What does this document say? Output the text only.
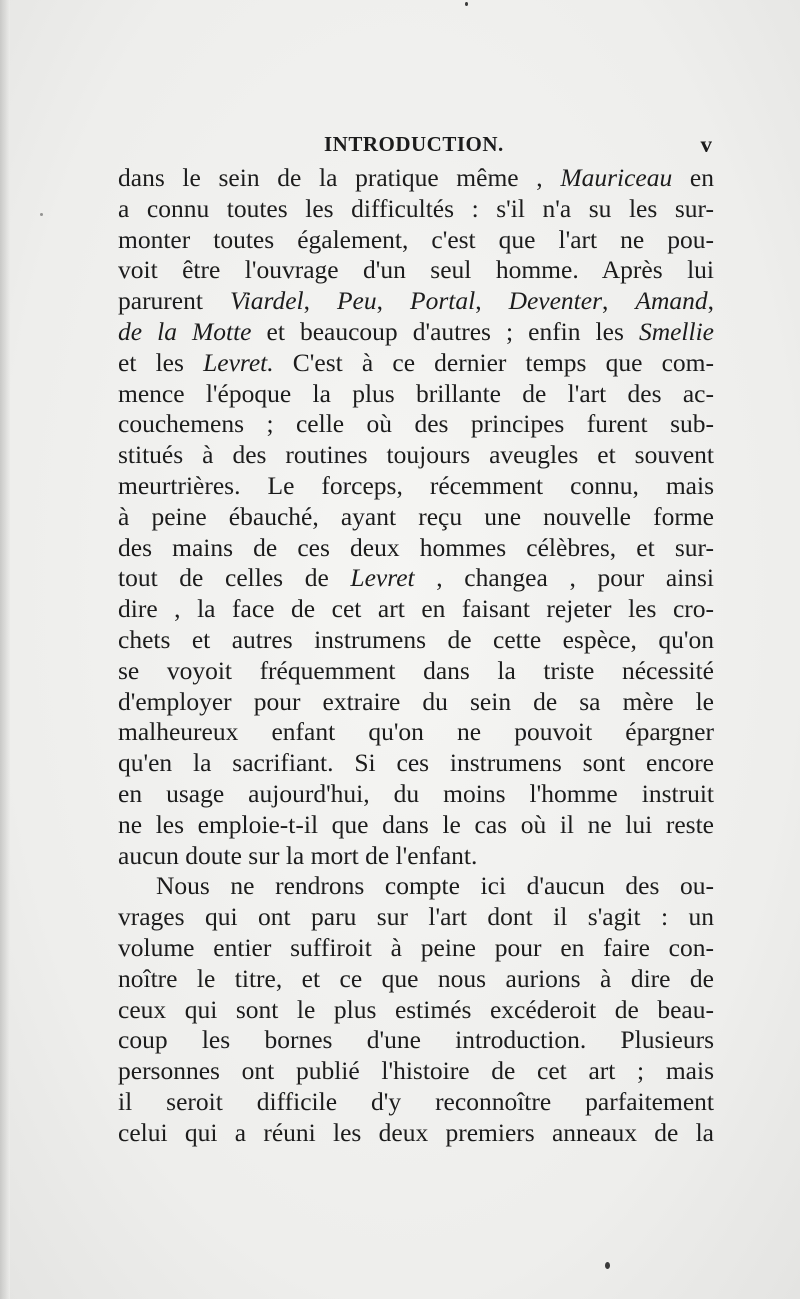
INTRODUCTION.	v
dans le sein de la pratique même , Mauriceau en
a connu toutes les difficultés : s'il n'a su les sur-
monter toutes également, c'est que l'art ne pou-
voit être l'ouvrage d'un seul homme. Après lui
parurent Viardel, Peu, Portal, Deventer, Amand,
de la Motte et beaucoup d'autres ; enfin les Smellie
et les Levret. C'est à ce dernier temps que com-
mence l'époque la plus brillante de l'art des ac-
couchemens ; celle où des principes furent sub-
stitués à des routines toujours aveugles et souvent
meurtrières. Le forceps, récemment connu, mais
à peine ébauché, ayant reçu une nouvelle forme
des mains de ces deux hommes célèbres, et sur-
tout de celles de Levret , changea , pour ainsi
dire , la face de cet art en faisant rejeter les cro-
chets et autres instrumens de cette espèce, qu'on
se voyoit fréquemment dans la triste nécessité
d'employer pour extraire du sein de sa mère le
malheureux enfant qu'on ne pouvoit épargner
qu'en la sacrifiant. Si ces instrumens sont encore
en usage aujourd'hui, du moins l'homme instruit
ne les emploie-t-il que dans le cas où il ne lui reste
aucun doute sur la mort de l'enfant.
Nous ne rendrons compte ici d'aucun des ou-
vrages qui ont paru sur l'art dont il s'agit : un
volume entier suffiroit à peine pour en faire con-
noître le titre, et ce que nous aurions à dire de
ceux qui sont le plus estimés excéderoit de beau-
coup les bornes d'une introduction. Plusieurs
personnes ont publié l'histoire de cet art ; mais
il seroit difficile d'y reconnoître parfaitement
celui qui a réuni les deux premiers anneaux de la
